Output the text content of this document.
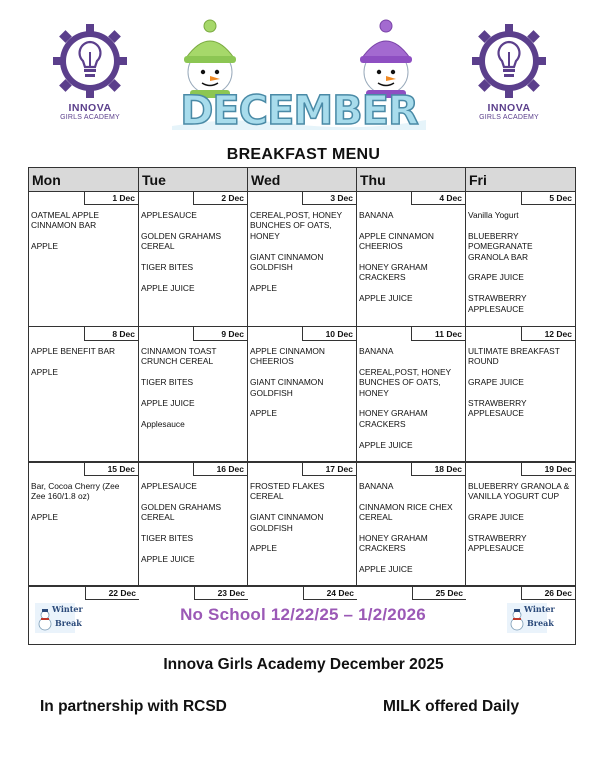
INNOVA
GIRLS ACADEMY
INNOVA
GIRLS ACADEMY
DECEMBER
BREAKFAST MENU
Mon	Tue	Wed	Thu	Fri
1 Dec
OATMEAL APPLE CINNAMON BAR
APPLE
2 Dec
APPLESAUCE
GOLDEN GRAHAMS CEREAL
TIGER BITES
APPLE JUICE
3 Dec
CEREAL,POST, HONEY BUNCHES OF OATS, HONEY
GIANT CINNAMON GOLDFISH
APPLE
4 Dec
BANANA
APPLE CINNAMON CHEERIOS
HONEY GRAHAM CRACKERS
APPLE JUICE
5 Dec
Vanilla Yogurt
BLUEBERRY POMEGRANATE GRANOLA BAR
GRAPE JUICE
STRAWBERRY APPLESAUCE
8 Dec
APPLE BENEFIT BAR
APPLE
9 Dec
CINNAMON TOAST CRUNCH CEREAL
TIGER BITES
APPLE JUICE
Applesauce
10 Dec
APPLE CINNAMON CHEERIOS
GIANT CINNAMON GOLDFISH
APPLE
11 Dec
BANANA
CEREAL,POST, HONEY BUNCHES OF OATS, HONEY
HONEY GRAHAM CRACKERS
APPLE JUICE
12 Dec
ULTIMATE BREAKFAST ROUND
GRAPE JUICE
STRAWBERRY APPLESAUCE
15 Dec
Bar, Cocoa Cherry (Zee Zee 160/1.8 oz)
APPLE
16 Dec
APPLESAUCE
GOLDEN GRAHAMS CEREAL
TIGER BITES
APPLE JUICE
17 Dec
FROSTED FLAKES CEREAL
GIANT CINNAMON GOLDFISH
APPLE
18 Dec
BANANA
CINNAMON RICE CHEX CEREAL
HONEY GRAHAM CRACKERS
APPLE JUICE
19 Dec
BLUEBERRY GRANOLA & VANILLA YOGURT CUP
GRAPE JUICE
STRAWBERRY APPLESAUCE
22 Dec	23 Dec	24 Dec	25 Dec	26 Dec
Winter
Break	No School 12/22/25 – 1/2/2026	Winter
Break
Innova Girls Academy December 2025
In partnership with RCSD	MILK offered Daily
